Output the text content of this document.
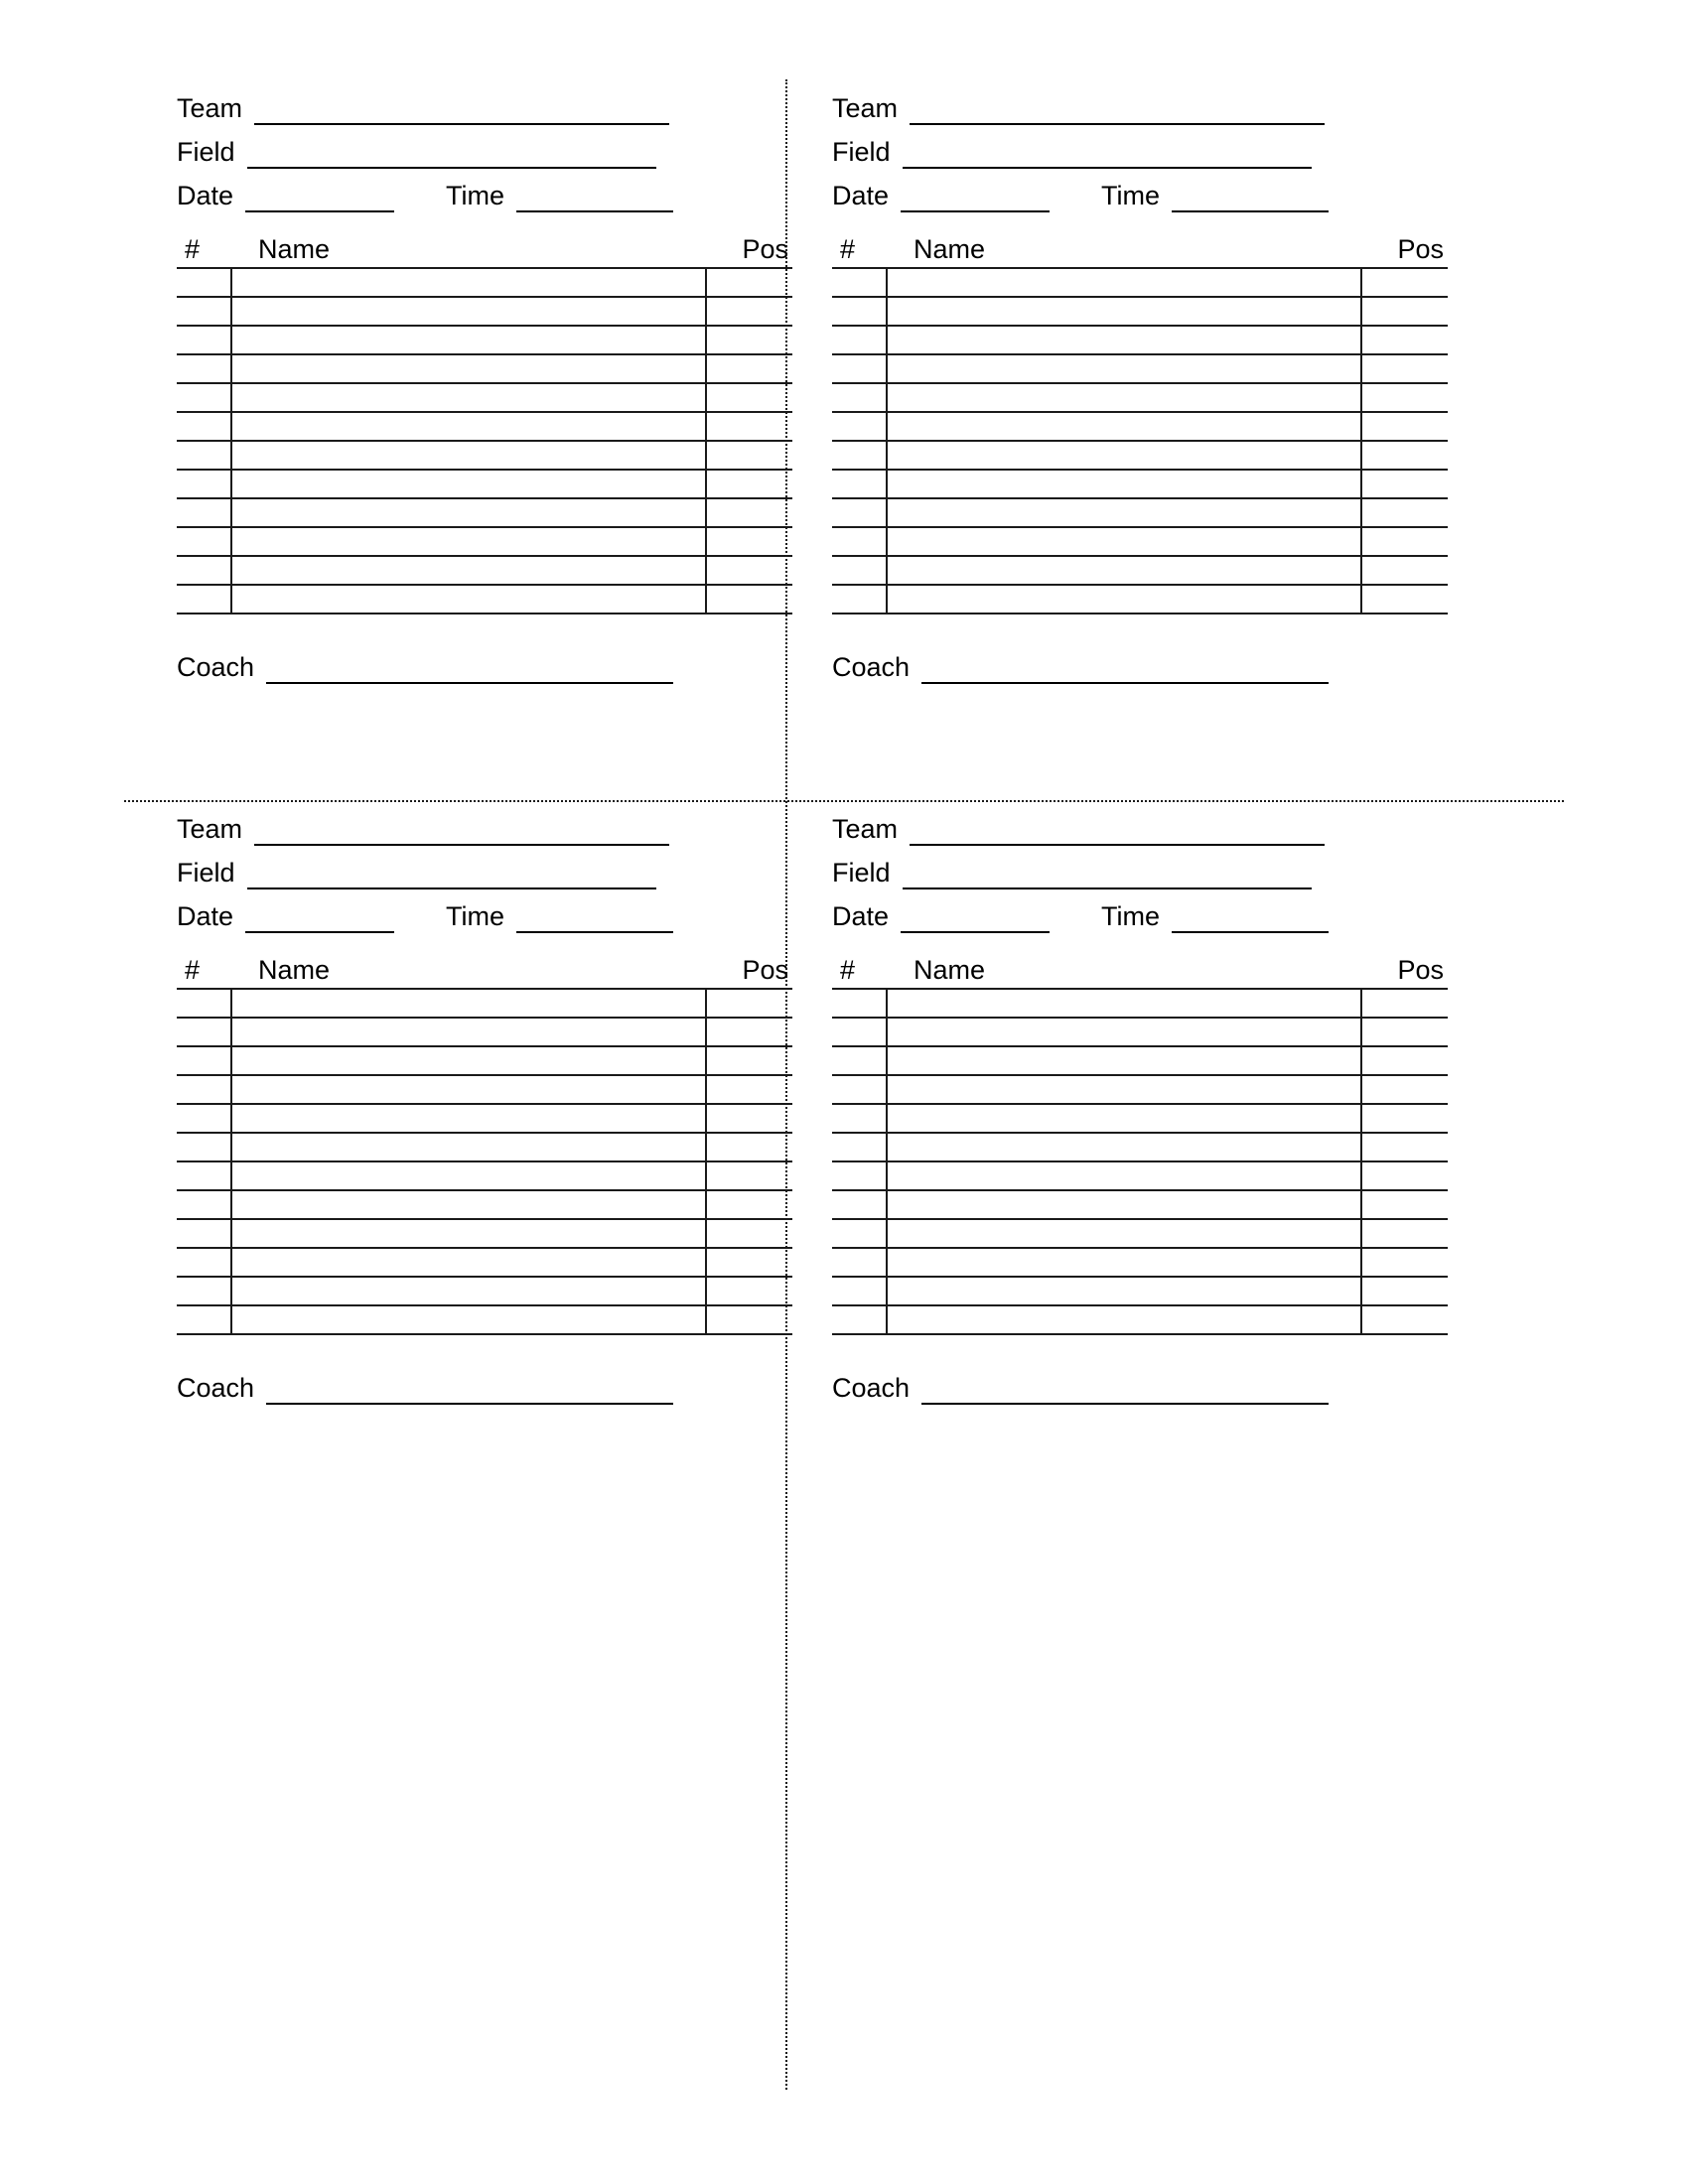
Team
Field
Date	Time
#	Name	Pos

Coach
Team
Field
Date	Time
#	Name	Pos

Coach
Team
Field
Date	Time
#	Name	Pos

Coach
Team
Field
Date	Time
#	Name	Pos

Coach
